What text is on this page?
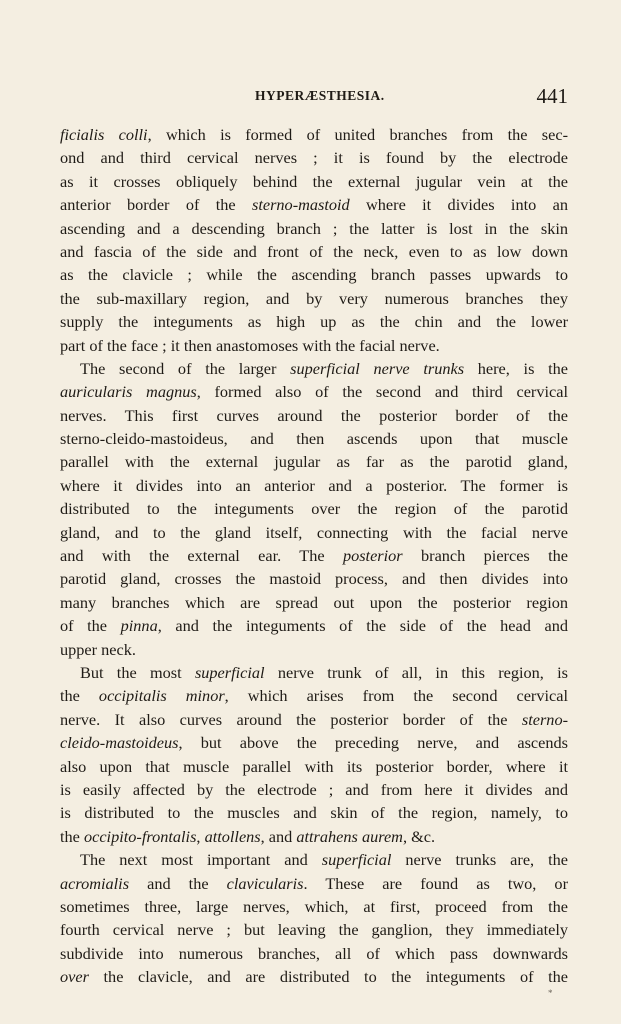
HYPERÆSTHESIA.	441
ficialis colli, which is formed of united branches from the sec-
ond and third cervical nerves ; it is found by the electrode
as it crosses obliquely behind the external jugular vein at the
anterior border of the sterno-mastoid where it divides into an
ascending and a descending branch ; the latter is lost in the skin
and fascia of the side and front of the neck, even to as low down
as the clavicle ; while the ascending branch passes upwards to
the sub-maxillary region, and by very numerous branches they
supply the integuments as high up as the chin and the lower
part of the face ; it then anastomoses with the facial nerve.
The second of the larger superficial nerve trunks here, is the
auricularis magnus, formed also of the second and third cervical
nerves. This first curves around the posterior border of the
sterno-cleido-mastoideus, and then ascends upon that muscle
parallel with the external jugular as far as the parotid gland,
where it divides into an anterior and a posterior. The former is
distributed to the integuments over the region of the parotid
gland, and to the gland itself, connecting with the facial nerve
and with the external ear. The posterior branch pierces the
parotid gland, crosses the mastoid process, and then divides into
many branches which are spread out upon the posterior region
of the pinna, and the integuments of the side of the head and
upper neck.
But the most superficial nerve trunk of all, in this region, is
the occipitalis minor, which arises from the second cervical
nerve. It also curves around the posterior border of the sterno-
cleido-mastoideus, but above the preceding nerve, and ascends
also upon that muscle parallel with its posterior border, where it
is easily affected by the electrode ; and from here it divides and
is distributed to the muscles and skin of the region, namely, to
the occipito-frontalis, attollens, and attrahens aurem, &c.
The next most important and superficial nerve trunks are, the
acromialis and the clavicularis. These are found as two, or
sometimes three, large nerves, which, at first, proceed from the
fourth cervical nerve ; but leaving the ganglion, they immediately
subdivide into numerous branches, all of which pass downwards
over the clavicle, and are distributed to the integuments of the
*
